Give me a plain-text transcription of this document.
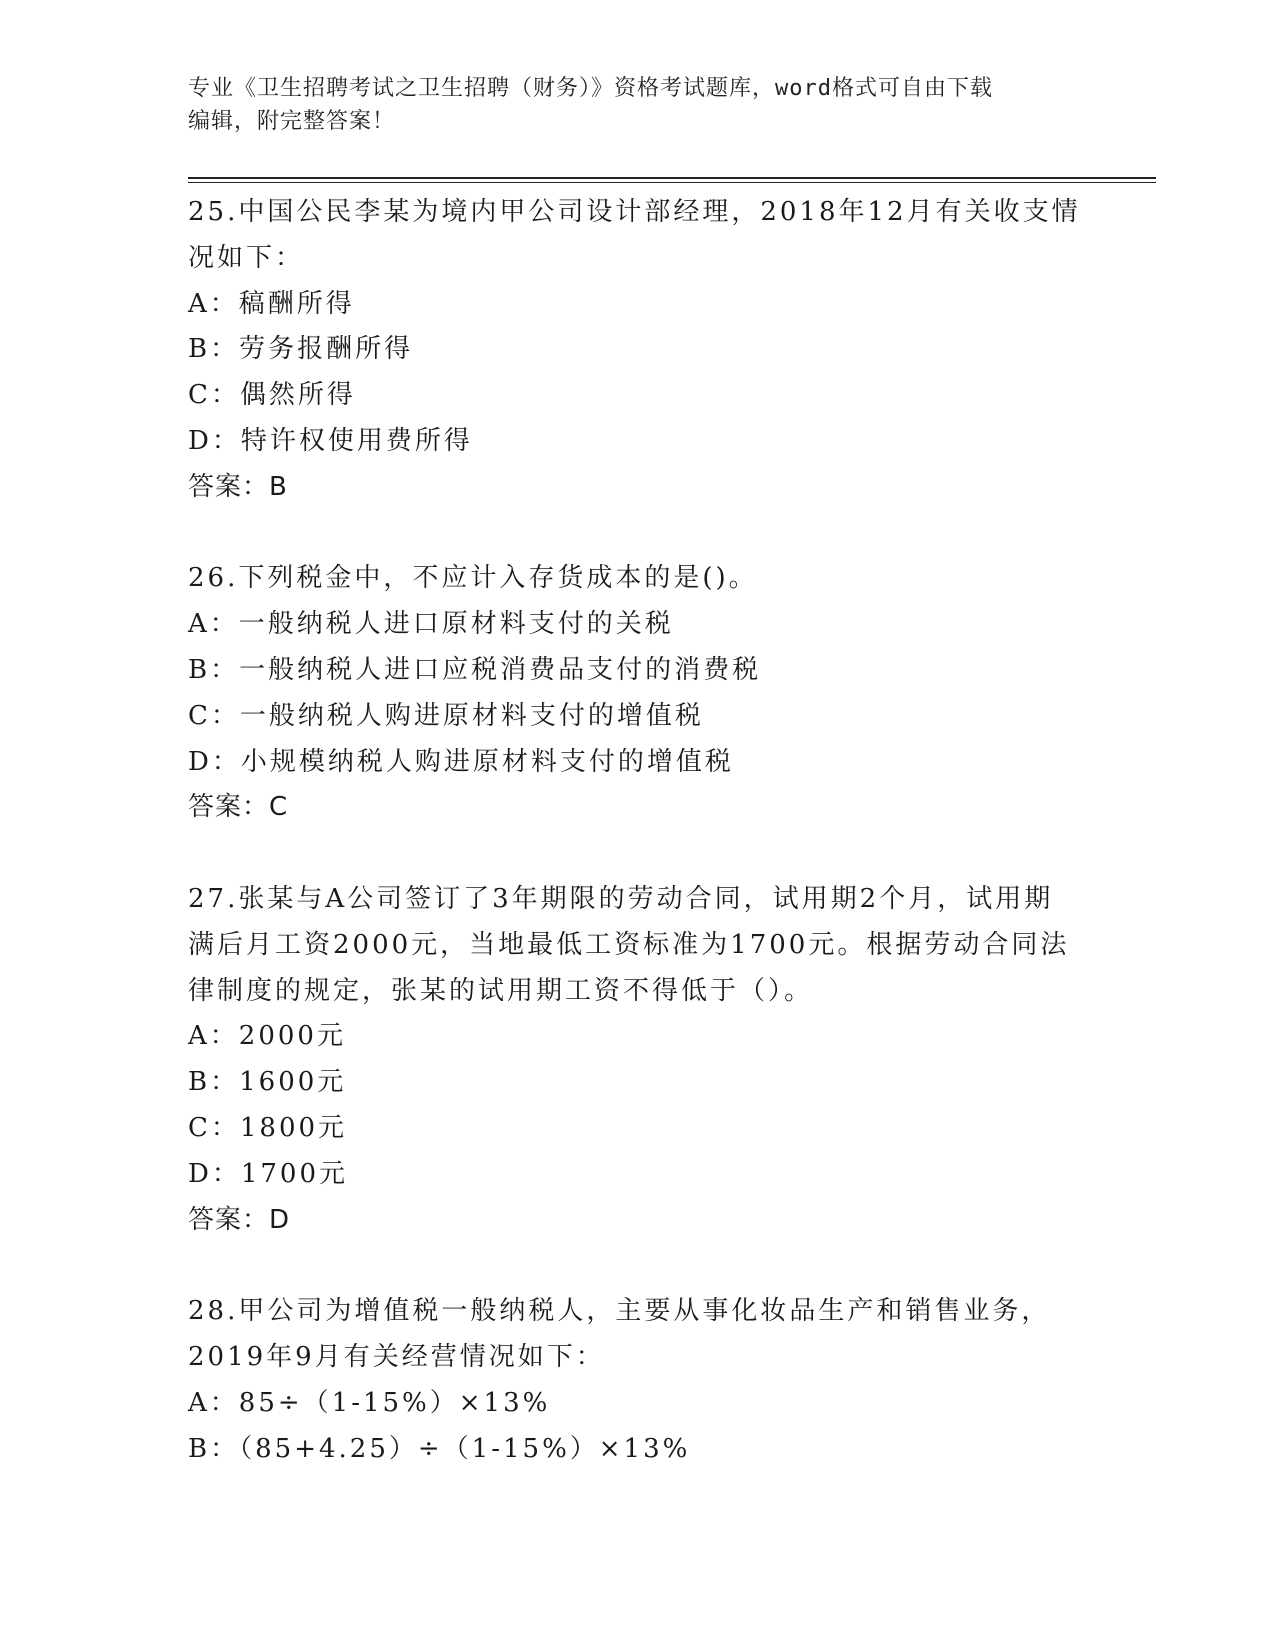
专业《卫生招聘考试之卫生招聘（财务）》资格考试题库，word格式可自由下载
编辑，附完整答案！
25.中国公民李某为境内甲公司设计部经理，2018年12月有关收支情
况如下：
A：稿酬所得
B：劳务报酬所得
C：偶然所得
D：特许权使用费所得
答案：B
26.下列税金中，不应计入存货成本的是()。
A：一般纳税人进口原材料支付的关税
B：一般纳税人进口应税消费品支付的消费税
C：一般纳税人购进原材料支付的增值税
D：小规模纳税人购进原材料支付的增值税
答案：C
27.张某与A公司签订了3年期限的劳动合同，试用期2个月，试用期
满后月工资2000元，当地最低工资标准为1700元。根据劳动合同法
律制度的规定，张某的试用期工资不得低于（）。
A：2000元
B：1600元
C：1800元
D：1700元
答案：D
28.甲公司为增值税一般纳税人，主要从事化妆品生产和销售业务，
2019年9月有关经营情况如下：
A：85÷（1-15%）×13%
B：（85+4.25）÷（1-15%）×13%
